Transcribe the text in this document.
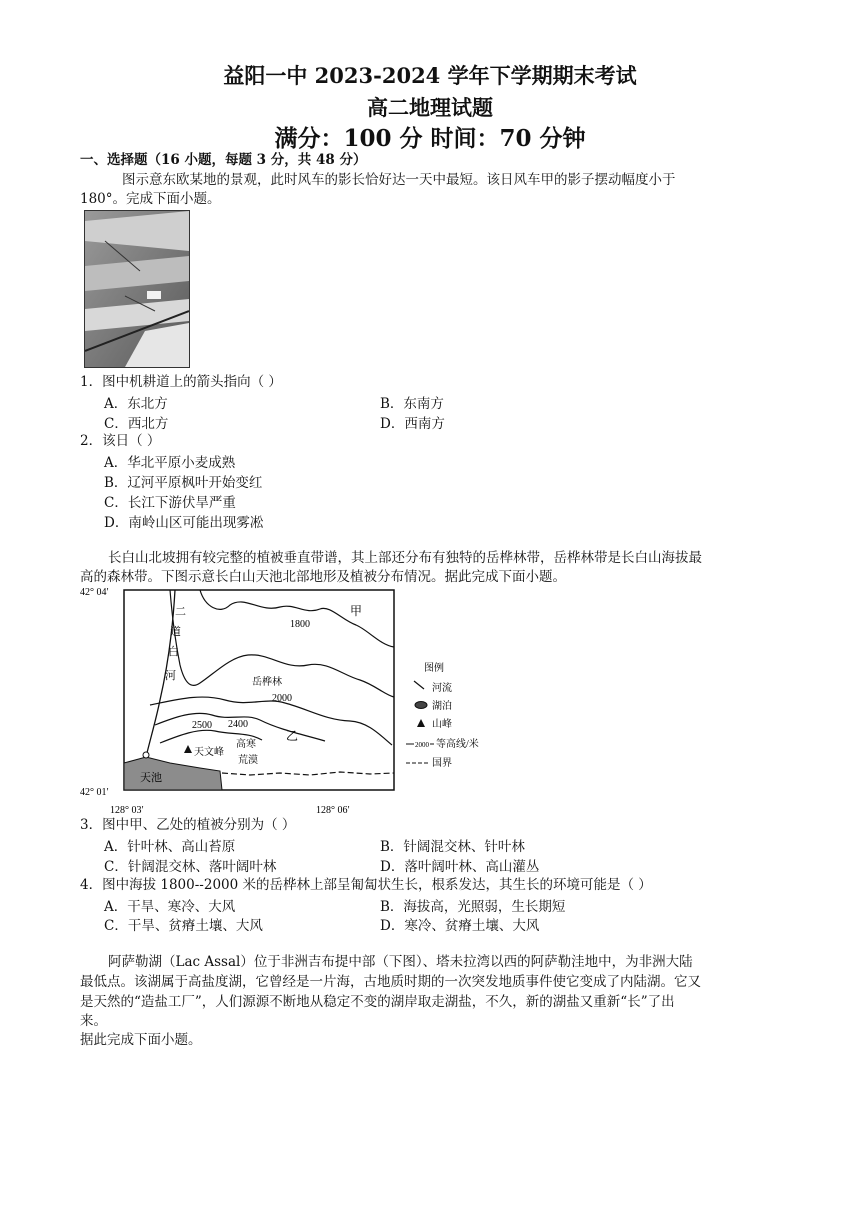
益阳一中 2023-2024 学年下学期期末考试
高二地理试题
满分：100 分 时间：70 分钟
一、选择题（16 小题，每题 3 分，共 48 分）
图示意东欧某地的景观，此时风车的影长恰好达一天中最短。该日风车甲的影子摆动幅度小于
180°。完成下面小题。
1．图中机耕道上的箭头指向（ ）
A．东北方	B．东南方
C．西北方	D．西南方
2．该日（ ）
A．华北平原小麦成熟
B．辽河平原枫叶开始变红
C．长江下游伏旱严重
D．南岭山区可能出现雾凇
长白山北坡拥有较完整的植被垂直带谱，其上部还分布有独特的岳桦林带，岳桦林带是长白山海拔最
高的森林带。下图示意长白山天池北部地形及植被分布情况。据此完成下面小题。
42° 04′
42° 01′
128° 03′	128° 06′
甲
乙
二
道
白
河
1800
2000
2400
2500
岳桦林
天文峰
高寒
荒漠
天池
图例
河流
湖泊
山峰
2000 等高线/米
国界
3．图中甲、乙处的植被分别为（ ）
A．针叶林、高山苔原	B．针阔混交林、针叶林
C．针阔混交林、落叶阔叶林	D．落叶阔叶林、高山灌丛
4．图中海拔 1800--2000 米的岳桦林上部呈匍匐状生长，根系发达，其生长的环境可能是（ ）
A．干旱、寒冷、大风	B．海拔高，光照弱，生长期短
C．干旱、贫瘠土壤、大风	D．寒冷、贫瘠土壤、大风
阿萨勒湖（Lac Assal）位于非洲吉布提中部（下图）、塔未拉湾以西的阿萨勒洼地中，为非洲大陆
最低点。该湖属于高盐度湖，它曾经是一片海，古地质时期的一次突发地质事件使它变成了内陆湖。它又
是天然的“造盐工厂”，人们源源不断地从稳定不变的湖岸取走湖盐，不久，新的湖盐又重新“长”了出
来。
据此完成下面小题。
